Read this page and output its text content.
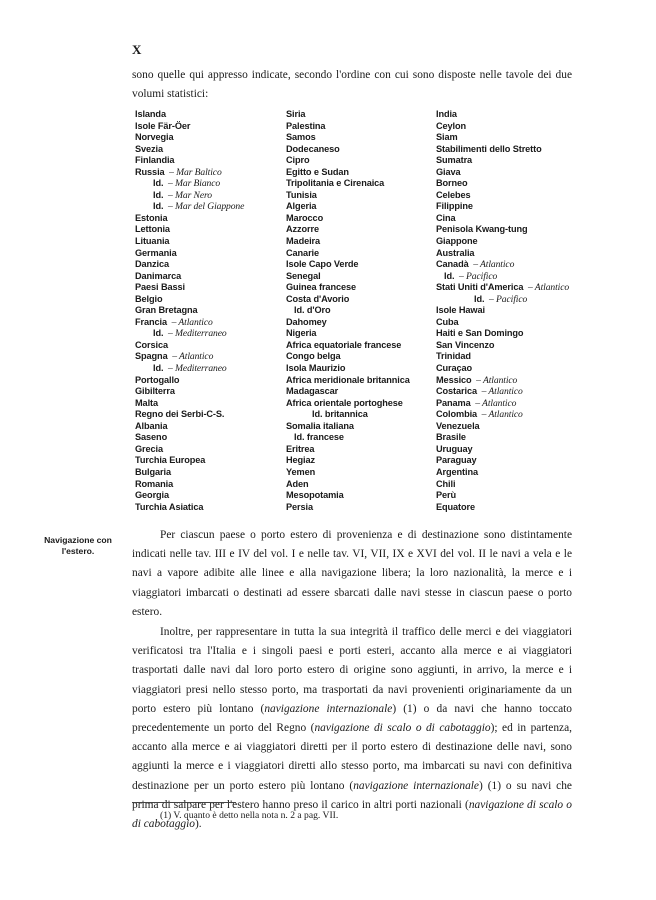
X
sono quelle qui appresso indicate, secondo l'ordine con cui sono disposte nelle tavole dei due volumi statistici:
Islanda
Isole Fär-Öer
Norvegia
Svezia
Finlandia
Russia  – Mar Baltico
Id.  – Mar Bianco
Id.  – Mar Nero
Id.  – Mar del Giappone
Estonia
Lettonia
Lituania
Germania
Danzica
Danimarca
Paesi Bassi
Belgio
Gran Bretagna
Francia  – Atlantico
Id.  – Mediterraneo
Corsica
Spagna  – Atlantico
Id.  – Mediterraneo
Portogallo
Gibilterra
Malta
Regno dei Serbi-C-S.
Albania
Saseno
Grecia
Turchia Europea
Bulgaria
Romania
Georgia
Turchia Asiatica
Siria
Palestina
Samos
Dodecaneso
Cipro
Egitto e Sudan
Tripolitania e Cirenaica
Tunisia
Algeria
Marocco
Azzorre
Madeira
Canarie
Isole Capo Verde
Senegal
Guinea francese
Costa d'Avorio
Id. d'Oro
Dahomey
Nigeria
Africa equatoriale francese
Congo belga
Isola Maurizio
Africa meridionale britannica
Madagascar
Africa orientale portoghese
Id. britannica
Somalia italiana
Id. francese
Eritrea
Hegiaz
Yemen
Aden
Mesopotamia
Persia
India
Ceylon
Siam
Stabilimenti dello Stretto
Sumatra
Giava
Borneo
Celebes
Filippine
Cina
Penisola Kwang-tung
Giappone
Australia
Canadà  – Atlantico
Id.  – Pacifico
Stati Uniti d'America  – Atlantico
Id.  – Pacifico
Isole Hawai
Cuba
Haiti e San Domingo
San Vincenzo
Trinidad
Curaçao
Messico  – Atlantico
Costarica  – Atlantico
Panama  – Atlantico
Colombia  – Atlantico
Venezuela
Brasile
Uruguay
Paraguay
Argentina
Chili
Perù
Equatore
Navigazione con l'estero.

Per ciascun paese o porto estero di provenienza e di destinazione sono distintamente indicati nelle tav. III e IV del vol. I e nelle tav. VI, VII, IX e XVI del vol. II le navi a vela e le navi a vapore adibite alle linee e alla navigazione libera; la loro nazionalità, la merce e i viaggiatori imbarcati o destinati ad essere sbarcati dalle navi stesse in ciascun paese o porto estero.

Inoltre, per rappresentare in tutta la sua integrità il traffico delle merci e dei viaggiatori verificatosi tra l'Italia e i singoli paesi e porti esteri, accanto alla merce e ai viaggiatori trasportati dalle navi dal loro porto estero di origine sono aggiunti, in arrivo, la merce e i viaggiatori presi nello stesso porto, ma trasportati da navi provenienti originariamente da un porto estero più lontano (navigazione internazionale) (1) o da navi che hanno toccato precedentemente un porto del Regno (navigazione di scalo o di cabotaggio); ed in partenza, accanto alla merce e ai viaggiatori diretti per il porto estero di destinazione delle navi, sono aggiunti la merce e i viaggiatori diretti allo stesso porto, ma imbarcati su navi con definitiva destinazione per un porto estero più lontano (navigazione internazionale) (1) o su navi che prima di salpare per l'estero hanno preso il carico in altri porti nazionali (navigazione di scalo o di cabotaggio).

(1) V. quanto è detto nella nota n. 2 a pag. VII.
